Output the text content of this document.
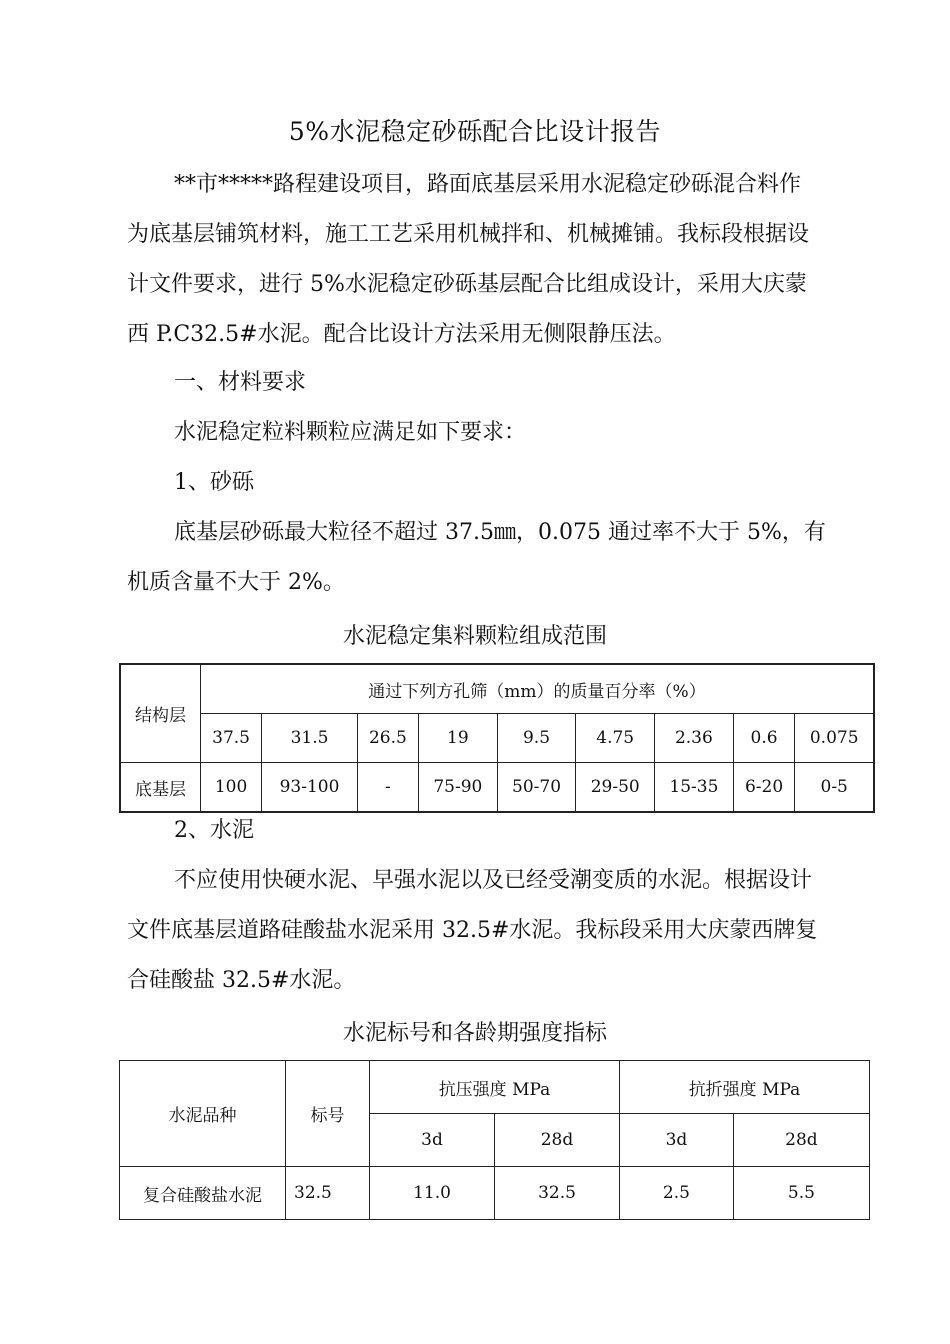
5%水泥稳定砂砾配合比设计报告
**市*****路程建设项目，路面底基层采用水泥稳定砂砾混合料作
为底基层铺筑材料，施工工艺采用机械拌和、机械摊铺。我标段根据设
计文件要求，进行 5%水泥稳定砂砾基层配合比组成设计，采用大庆蒙
西 P.C32.5#水泥。配合比设计方法采用无侧限静压法。
一、材料要求
水泥稳定粒料颗粒应满足如下要求：
1、砂砾
底基层砂砾最大粒径不超过 37.5㎜，0.075 通过率不大于 5%，有
机质含量不大于 2%。
水泥稳定集料颗粒组成范围
结构层	通过下列方孔筛（mm）的质量百分率（%）								
	37.5	31.5	26.5	19	9.5	4.75	2.36	0.6	0.075
底基层	100	93-100	-	75-90	50-70	29-50	15-35	6-20	0-5
2、水泥
不应使用快硬水泥、早强水泥以及已经受潮变质的水泥。根据设计
文件底基层道路硅酸盐水泥采用 32.5#水泥。我标段采用大庆蒙西牌复
合硅酸盐 32.5#水泥。
水泥标号和各龄期强度指标
水泥品种	标号	抗压强度 MPa		抗折强度 MPa	
		3d	28d	3d	28d
复合硅酸盐水泥	32.5	11.0	32.5	2.5	5.5
